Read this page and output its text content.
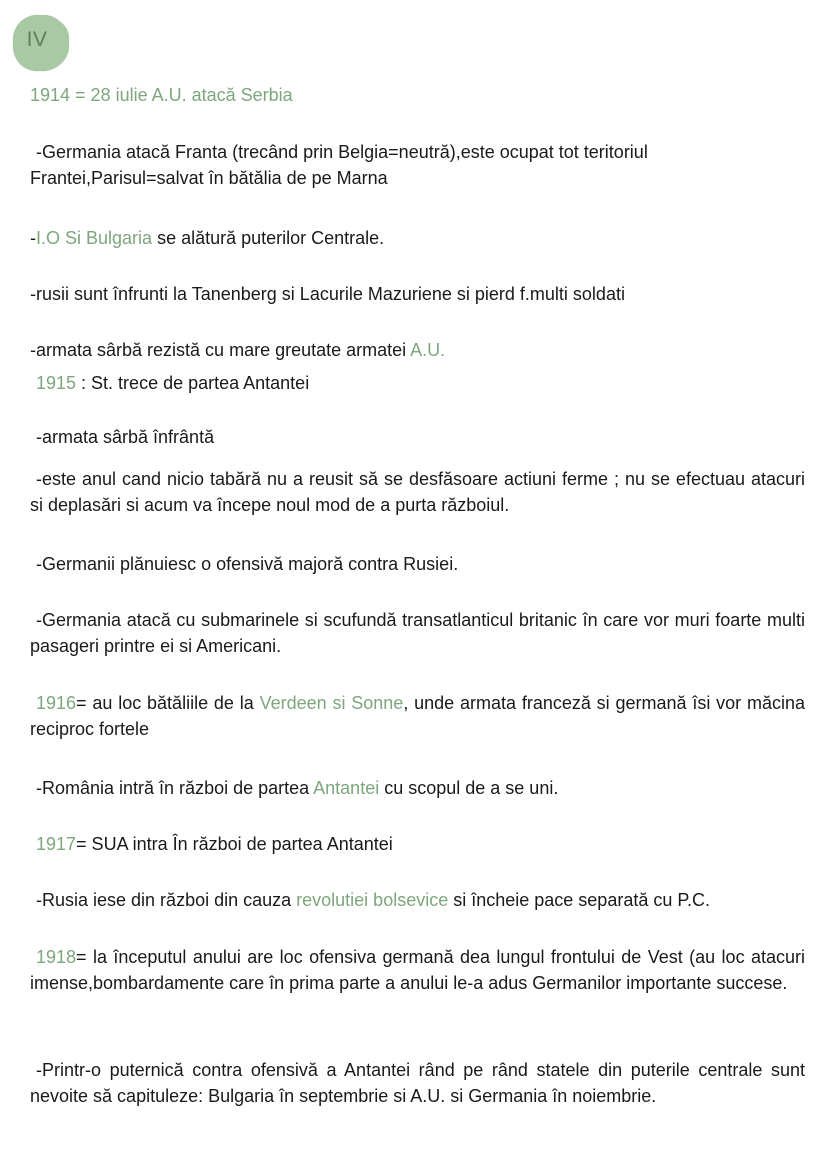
IV
1914 = 28 iulie A.U. atacă Serbia
-Germania atacă Franta (trecând prin Belgia=neutră),este ocupat tot teritoriul Frantei,Parisul=salvat în bătălia de pe Marna
-I.O Si Bulgaria se alătură puterilor Centrale.
-rusii sunt înfrunti la Tanenberg si Lacurile Mazuriene si pierd f.multi soldati
-armata sârbă rezistă cu mare greutate armatei A.U.
1915 : St. trece de partea Antantei
-armata sârbă înfrântă
-este anul cand nicio tabără nu a reusit să se desfăsoare actiuni ferme ; nu se efectuau atacuri si deplasări si acum va începe noul mod de a purta războiul.
-Germanii plănuiesc o ofensivă majoră contra Rusiei.
-Germania atacă cu submarinele si scufundă transatlanticul britanic în care vor muri foarte multi pasageri printre ei si Americani.
1916= au loc bătăliile de la Verdeen si Sonne, unde armata franceză si germană îsi vor măcina reciproc fortele
-România intră în război de partea Antantei cu scopul de a se uni.
1917= SUA intra În război de partea Antantei
-Rusia iese din război din cauza revolutiei bolsevice si încheie pace separată cu P.C.
1918= la începutul anului are loc ofensiva germană dea lungul frontului de Vest (au loc atacuri imense,bombardamente care în prima parte a anului le-a adus Germanilor importante succese.
-Printr-o puternică contra ofensivă a Antantei rând pe rând statele din puterile centrale sunt nevoite să capituleze: Bulgaria în septembrie si A.U. si Germania în noiembrie.
